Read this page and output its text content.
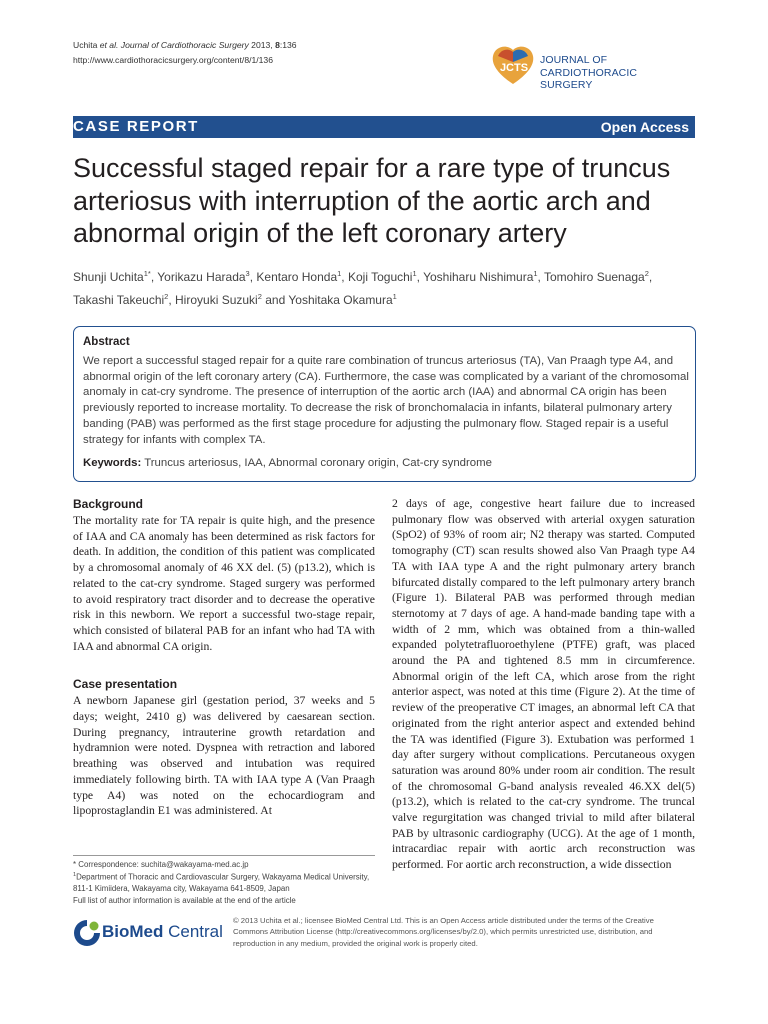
Uchita et al. Journal of Cardiothoracic Surgery 2013, 8:136
http://www.cardiothoracicsurgery.org/content/8/1/136
JCTS
JOURNAL OF
CARDIOTHORACIC SURGERY
CASE REPORT	Open Access
Successful staged repair for a rare type of truncus arteriosus with interruption of the aortic arch and abnormal origin of the left coronary artery
Shunji Uchita$^{1*}$, Yorikazu Harada$^3$, Kentaro Honda$^1$, Koji Toguchi$^1$, Yoshiharu Nishimura$^1$, Tomohiro Suenaga$^2$,
Takashi Takeuchi$^2$, Hiroyuki Suzuki$^2$ and Yoshitaka Okamura$^1$
Abstract
We report a successful staged repair for a quite rare combination of truncus arteriosus (TA), Van Praagh type A4, and abnormal origin of the left coronary artery (CA). Furthermore, the case was complicated by a variant of the chromosomal anomaly in cat-cry syndrome. The presence of interruption of the aortic arch (IAA) and abnormal CA origin has been previously reported to increase mortality. To decrease the risk of bronchomalacia in infants, bilateral pulmonary artery banding (PAB) was performed as the first stage procedure for adjusting the pulmonary flow. Staged repair is a useful strategy for infants with complex TA.
Keywords: Truncus arteriosus, IAA, Abnormal coronary origin, Cat-cry syndrome

Background

The mortality rate for TA repair is quite high, and the presence of IAA and CA anomaly has been determined as risk factors for death. In addition, the condition of this patient was complicated by a chromosomal anomaly of 46 XX del. (5) (p13.2), which is related to the cat-cry syndrome. Staged surgery was performed to avoid respiratory tract disorder and to decrease the operative risk in this newborn. We report a successful two-stage repair, which consisted of bilateral PAB for an infant who had TA with IAA and abnormal CA origin.

Case presentation

A newborn Japanese girl (gestation period, 37 weeks and 5 days; weight, 2410 g) was delivered by caesarean section. During pregnancy, intrauterine growth retardation and hydramnion were noted. Dyspnea with retraction and labored breathing was observed and intubation was required immediately following birth. TA with IAA type A (Van Praagh type A4) was noted on the echocardiogram and lipoprostaglandin E1 was administered. At

2 days of age, congestive heart failure due to increased pulmonary flow was observed with arterial oxygen saturation (SpO2) of 93% of room air; N2 therapy was started. Computed tomography (CT) scan results showed also Van Praagh type A4 TA with IAA type A and the right pulmonary artery branch bifurcated distally compared to the left pulmonary artery branch (Figure 1). Bilateral PAB was performed through median sternotomy at 7 days of age. A hand-made banding tape with a width of 2 mm, which was obtained from a thin-walled expanded polytetrafluoroethylene (PTFE) graft, was placed around the PA and tightened 8.5 mm in circumference. Abnormal origin of the left CA, which arose from the right anterior aspect, was noted at this time (Figure 2). At the time of review of the preoperative CT images, an abnormal left CA that originated from the right anterior aspect and extended behind the TA was identified (Figure 3). Extubation was performed 1 day after surgery without complications. Percutaneous oxygen saturation was around 80% under room air condition. The result of the chromosomal G-band analysis revealed 46.XX del(5)(p13.2), which is related to the cat-cry syndrome. The truncal valve regurgitation was changed trivial to mild after bilateral PAB by ultrasonic cardiography (UCG). At the age of 1 month, intracardiac repair with aortic arch reconstruction was performed. For aortic arch reconstruction, a wide dissection

* Correspondence: suchita@wakayama-med.ac.jp
$^1$Department of Thoracic and Cardiovascular Surgery, Wakayama Medical University, 811-1 Kimiidera, Wakayama city, Wakayama 641-8509, Japan
Full list of author information is available at the end of the article
BioMed Central
© 2013 Uchita et al.; licensee BioMed Central Ltd. This is an Open Access article distributed under the terms of the Creative Commons Attribution License (http://creativecommons.org/licenses/by/2.0), which permits unrestricted use, distribution, and reproduction in any medium, provided the original work is properly cited.
